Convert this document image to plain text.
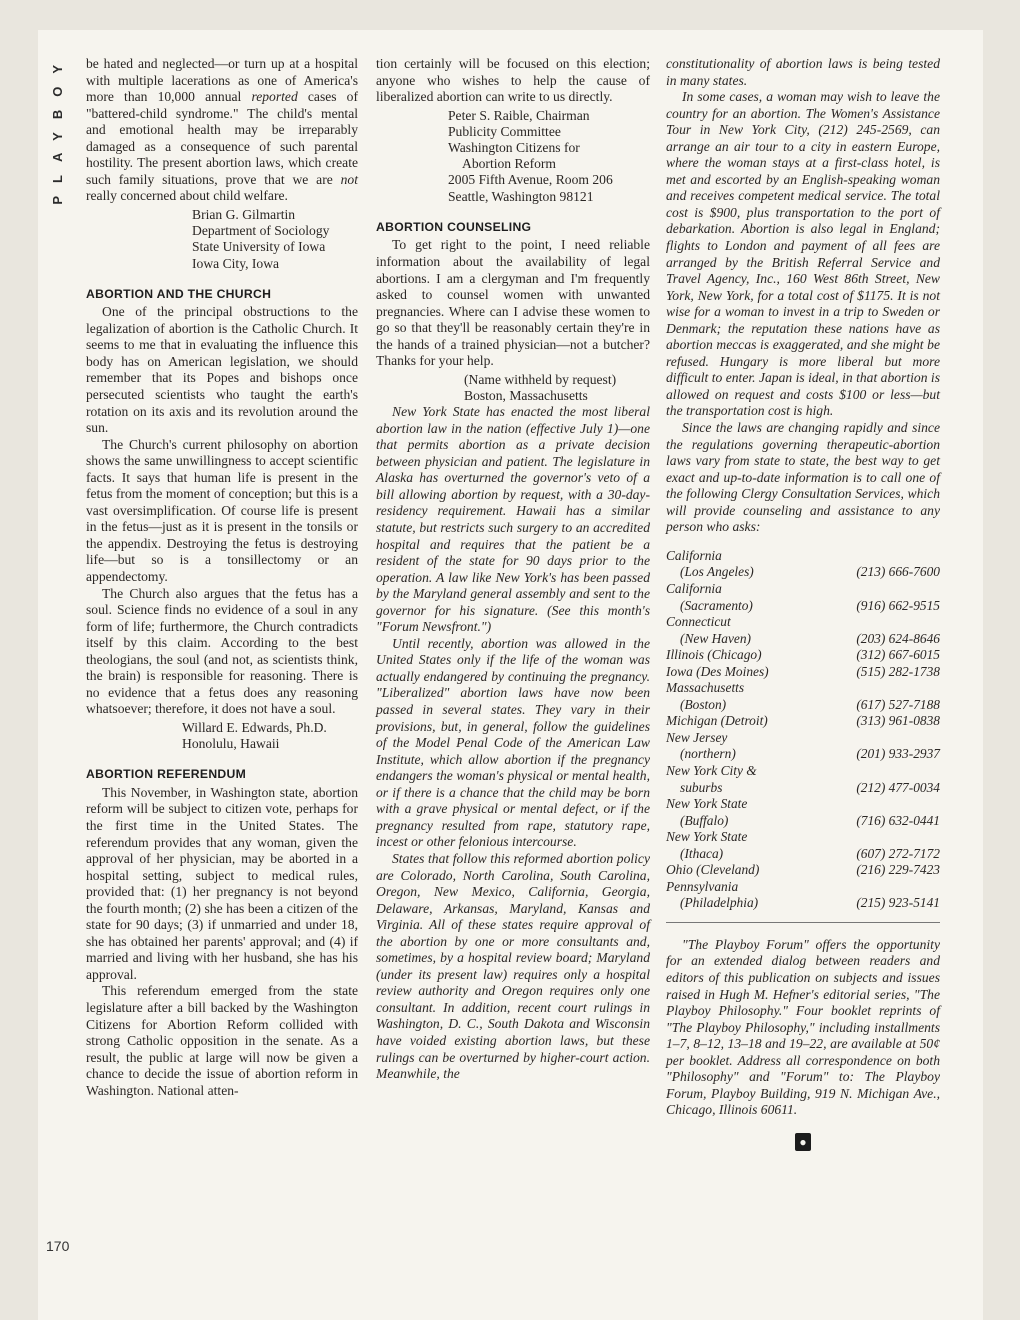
PLAYBOY
170

be hated and neglected—or turn up at a hospital with multiple lacerations as one of America's more than 10,000 annual reported cases of "battered-child syndrome." The child's mental and emotional health may be irreparably damaged as a consequence of such parental hostility. The present abortion laws, which create such family situations, prove that we are not really concerned about child welfare.

Brian G. Gilmartin
Department of Sociology
State University of Iowa
Iowa City, Iowa
ABORTION AND THE CHURCH

One of the principal obstructions to the legalization of abortion is the Catholic Church. It seems to me that in evaluating the influence this body has on American legislation, we should remember that its Popes and bishops once persecuted scientists who taught the earth's rotation on its axis and its revolution around the sun.

The Church's current philosophy on abortion shows the same unwillingness to accept scientific facts. It says that human life is present in the fetus from the moment of conception; but this is a vast oversimplification. Of course life is present in the fetus—just as it is present in the tonsils or the appendix. Destroying the fetus is destroying life—but so is a tonsillectomy or an appendectomy.

The Church also argues that the fetus has a soul. Science finds no evidence of a soul in any form of life; furthermore, the Church contradicts itself by this claim. According to the best theologians, the soul (and not, as scientists think, the brain) is responsible for reasoning. There is no evidence that a fetus does any reasoning whatsoever; therefore, it does not have a soul.

Willard E. Edwards, Ph.D.
Honolulu, Hawaii
ABORTION REFERENDUM

This November, in Washington state, abortion reform will be subject to citizen vote, perhaps for the first time in the United States. The referendum provides that any woman, given the approval of her physician, may be aborted in a hospital setting, subject to medical rules, provided that: (1) her pregnancy is not beyond the fourth month; (2) she has been a citizen of the state for 90 days; (3) if unmarried and under 18, she has obtained her parents' approval; and (4) if married and living with her husband, she has his approval.

This referendum emerged from the state legislature after a bill backed by the Washington Citizens for Abortion Reform collided with strong Catholic opposition in the senate. As a result, the public at large will now be given a chance to decide the issue of abortion reform in Washington. National atten-

tion certainly will be focused on this election; anyone who wishes to help the cause of liberalized abortion can write to us directly.

Peter S. Raible, Chairman
Publicity Committee
Washington Citizens for
Abortion Reform
2005 Fifth Avenue, Room 206
Seattle, Washington 98121
ABORTION COUNSELING

To get right to the point, I need reliable information about the availability of legal abortions. I am a clergyman and I'm frequently asked to counsel women with unwanted pregnancies. Where can I advise these women to go so that they'll be reasonably certain they're in the hands of a trained physician—not a butcher? Thanks for your help.

(Name withheld by request)
Boston, Massachusetts

New York State has enacted the most liberal abortion law in the nation (effective July 1)—one that permits abortion as a private decision between physician and patient. The legislature in Alaska has overturned the governor's veto of a bill allowing abortion by request, with a 30-day-residency requirement. Hawaii has a similar statute, but restricts such surgery to an accredited hospital and requires that the patient be a resident of the state for 90 days prior to the operation. A law like New York's has been passed by the Maryland general assembly and sent to the governor for his signature. (See this month's "Forum Newsfront.")

Until recently, abortion was allowed in the United States only if the life of the woman was actually endangered by continuing the pregnancy. "Liberalized" abortion laws have now been passed in several states. They vary in their provisions, but, in general, follow the guidelines of the Model Penal Code of the American Law Institute, which allow abortion if the pregnancy endangers the woman's physical or mental health, or if there is a chance that the child may be born with a grave physical or mental defect, or if the pregnancy resulted from rape, statutory rape, incest or other felonious intercourse.

States that follow this reformed abortion policy are Colorado, North Carolina, South Carolina, Oregon, New Mexico, California, Georgia, Delaware, Arkansas, Maryland, Kansas and Virginia. All of these states require approval of the abortion by one or more consultants and, sometimes, by a hospital review board; Maryland (under its present law) requires only a hospital review authority and Oregon requires only one consultant. In addition, recent court rulings in Washington, D. C., South Dakota and Wisconsin have voided existing abortion laws, but these rulings can be overturned by higher-court action. Meanwhile, the

constitutionality of abortion laws is being tested in many states.

In some cases, a woman may wish to leave the country for an abortion. The Women's Assistance Tour in New York City, (212) 245-2569, can arrange an air tour to a city in eastern Europe, where the woman stays at a first-class hotel, is met and escorted by an English-speaking woman and receives competent medical service. The total cost is $900, plus transportation to the port of debarkation. Abortion is also legal in England; flights to London and payment of all fees are arranged by the British Referral Service and Travel Agency, Inc., 160 West 86th Street, New York, New York, for a total cost of $1175. It is not wise for a woman to invest in a trip to Sweden or Denmark; the reputation these nations have as abortion meccas is exaggerated, and she might be refused. Hungary is more liberal but more difficult to enter. Japan is ideal, in that abortion is allowed on request and costs $100 or less—but the transportation cost is high.

Since the laws are changing rapidly and since the regulations governing therapeutic-abortion laws vary from state to state, the best way to get exact and up-to-date information is to call one of the following Clergy Consultation Services, which will provide counseling and assistance to any person who asks:

California	
(Los Angeles)	(213) 666-7600
California	
(Sacramento)	(916) 662-9515
Connecticut	
(New Haven)	(203) 624-8646
Illinois (Chicago)	(312) 667-6015
Iowa (Des Moines)	(515) 282-1738
Massachusetts	
(Boston)	(617) 527-7188
Michigan (Detroit)	(313) 961-0838
New Jersey	
(northern)	(201) 933-2937
New York City &	
suburbs	(212) 477-0034
New York State	
(Buffalo)	(716) 632-0441
New York State	
(Ithaca)	(607) 272-7172
Ohio (Cleveland)	(216) 229-7423
Pennsylvania	
(Philadelphia)	(215) 923-5141

"The Playboy Forum" offers the opportunity for an extended dialog between readers and editors of this publication on subjects and issues raised in Hugh M. Hefner's editorial series, "The Playboy Philosophy." Four booklet reprints of "The Playboy Philosophy," including installments 1–7, 8–12, 13–18 and 19–22, are available at 50¢ per booklet. Address all correspondence on both "Philosophy" and "Forum" to: The Playboy Forum, Playboy Building, 919 N. Michigan Ave., Chicago, Illinois 60611.

●
